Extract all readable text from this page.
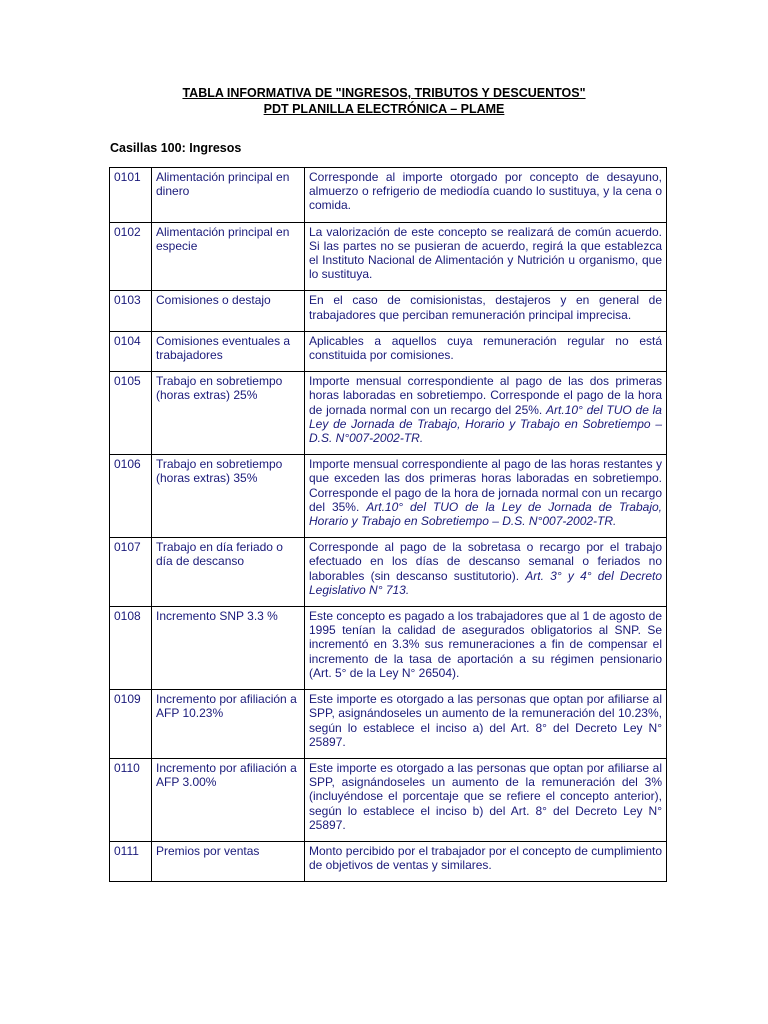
TABLA INFORMATIVA DE "INGRESOS, TRIBUTOS Y DESCUENTOS"
PDT PLANILLA ELECTRÓNICA – PLAME
Casillas 100: Ingresos
0101	Alimentación principal en dinero	Corresponde al importe otorgado por concepto de desayuno, almuerzo o refrigerio de mediodía cuando lo sustituya, y la cena o comida.
0102	Alimentación principal en especie	La valorización de este concepto se realizará de común acuerdo. Si las partes no se pusieran de acuerdo, regirá la que establezca el Instituto Nacional de Alimentación y Nutrición u organismo, que lo sustituya.
0103	Comisiones o destajo	En el caso de comisionistas, destajeros y en general de trabajadores que perciban remuneración principal imprecisa.
0104	Comisiones eventuales a trabajadores	Aplicables a aquellos cuya remuneración regular no está constituida por comisiones.
0105	Trabajo en sobretiempo (horas extras) 25%	Importe mensual correspondiente al pago de las dos primeras horas laboradas en sobretiempo. Corresponde el pago de la hora de jornada normal con un recargo del 25%. Art.10° del TUO de la Ley de Jornada de Trabajo, Horario y Trabajo en Sobretiempo – D.S. N°007-2002-TR.
0106	Trabajo en sobretiempo (horas extras) 35%	Importe mensual correspondiente al pago de las horas restantes y que exceden las dos primeras horas laboradas en sobretiempo. Corresponde el pago de la hora de jornada normal con un recargo del 35%. Art.10° del TUO de la Ley de Jornada de Trabajo, Horario y Trabajo en Sobretiempo – D.S. N°007-2002-TR.
0107	Trabajo en día feriado o día de descanso	Corresponde al pago de la sobretasa o recargo por el trabajo efectuado en los días de descanso semanal o feriados no laborables (sin descanso sustitutorio). Art. 3° y 4° del Decreto Legislativo N° 713.
0108	Incremento SNP 3.3 %	Este concepto es pagado a los trabajadores que al 1 de agosto de 1995 tenían la calidad de asegurados obligatorios al SNP. Se incrementó en 3.3% sus remuneraciones a fin de compensar el incremento de la tasa de aportación a su régimen pensionario (Art. 5° de la Ley N° 26504).
0109	Incremento por afiliación a AFP 10.23%	Este importe es otorgado a las personas que optan por afiliarse al SPP, asignándoseles un aumento de la remuneración del 10.23%, según lo establece el inciso a) del Art. 8° del Decreto Ley N° 25897.
0110	Incremento por afiliación a AFP 3.00%	Este importe es otorgado a las personas que optan por afiliarse al SPP, asignándoseles un aumento de la remuneración del 3% (incluyéndose el porcentaje que se refiere el concepto anterior), según lo establece el inciso b) del Art. 8° del Decreto Ley N° 25897.
0111	Premios por ventas	Monto percibido por el trabajador por el concepto de cumplimiento de objetivos de ventas y similares.
